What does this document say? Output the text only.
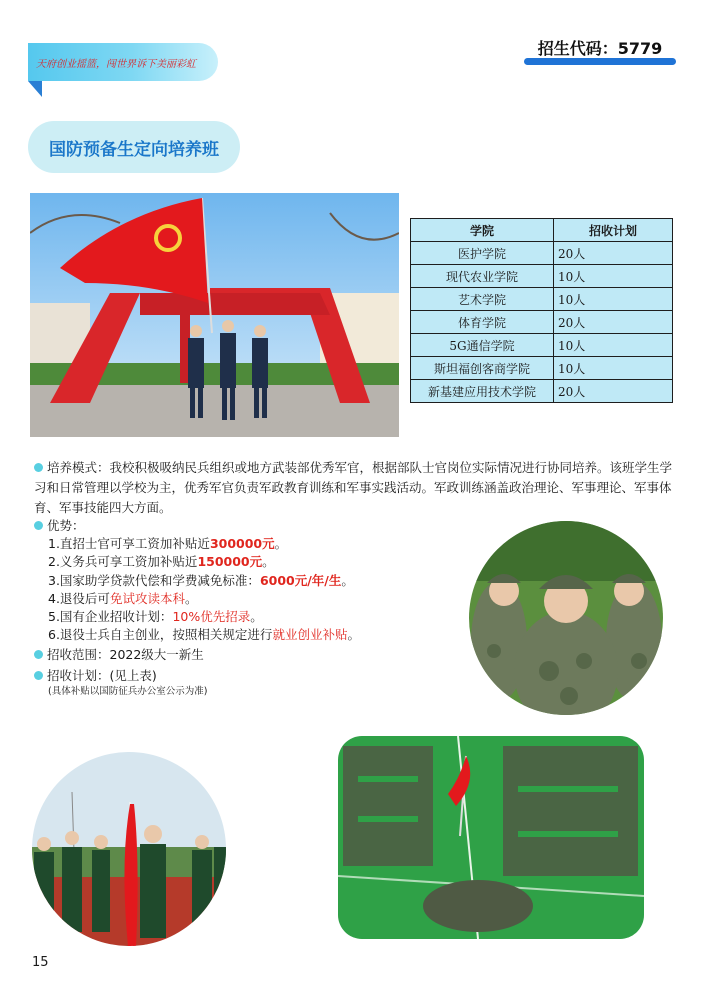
天府创业摇篮，闯世界诉下美丽彩虹
招生代码：5779
国防预备生定向培养班
学院	招收计划
医护学院	20人
现代农业学院	10人
艺术学院	10人
体育学院	20人
5G通信学院	10人
斯坦福创客商学院	10人
新基建应用技术学院	20人

培养模式：我校积极吸纳民兵组织或地方武装部优秀军官，根据部队士官岗位实际情况进行协同培养。该班学生学习和日常管理以学校为主，优秀军官负责军政教育训练和军事实践活动。军政训练涵盖政治理论、军事理论、军事体育、军事技能四大方面。

优势：
1.直招士官可享工资加补贴近300000元。
2.义务兵可享工资加补贴近150000元。
3.国家助学贷款代偿和学费减免标准：6000元/年/生。
4.退役后可免试攻读本科。
5.国有企业招收计划：10%优先招录。
6.退役士兵自主创业，按照相关规定进行就业创业补贴。
招收范围：2022级大一新生
招收计划：(见上表)
(具体补贴以国防征兵办公室公示为准)
15
